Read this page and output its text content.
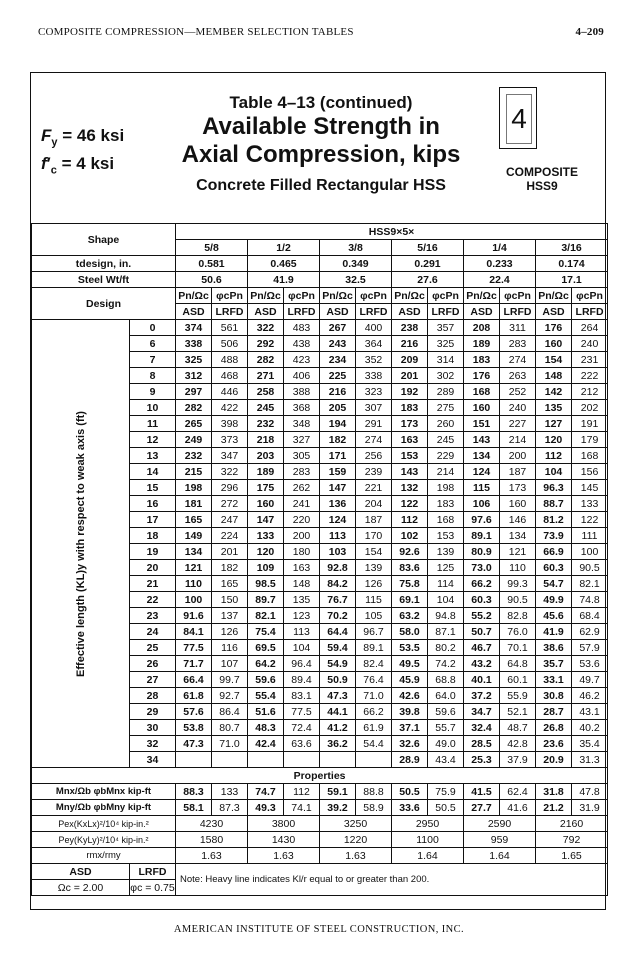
COMPOSITE COMPRESSION—MEMBER SELECTION TABLES	4–209
$F_y = 46$ ksi
$f'_c = 4$ ksi
Table 4–13 (continued)
Available Strength in
Axial Compression, kips
Concrete Filled Rectangular HSS
4
COMPOSITE
HSS9
Shape		HSS9×5×											
		5/8		1/2		3/8		5/16		1/4		3/16	
tdesign, in.		0.581		0.465		0.349		0.291		0.233		0.174	
Steel Wt/ft		50.6		41.9		32.5		27.6		22.4		17.1	
Design		Pn/Ωc	φcPn	Pn/Ωc	φcPn	Pn/Ωc	φcPn	Pn/Ωc	φcPn	Pn/Ωc	φcPn	Pn/Ωc	φcPn
		ASD	LRFD	ASD	LRFD	ASD	LRFD	ASD	LRFD	ASD	LRFD	ASD	LRFD

Effective length (KL)y with respect to weak axis (ft)	0	374	561	322	483	267	400	238	357	208	311	176	264
	6	338	506	292	438	243	364	216	325	189	283	160	240
	7	325	488	282	423	234	352	209	314	183	274	154	231
	8	312	468	271	406	225	338	201	302	176	263	148	222
	9	297	446	258	388	216	323	192	289	168	252	142	212
	10	282	422	245	368	205	307	183	275	160	240	135	202
	11	265	398	232	348	194	291	173	260	151	227	127	191
	12	249	373	218	327	182	274	163	245	143	214	120	179
	13	232	347	203	305	171	256	153	229	134	200	112	168
	14	215	322	189	283	159	239	143	214	124	187	104	156
	15	198	296	175	262	147	221	132	198	115	173	96.3	145
	16	181	272	160	241	136	204	122	183	106	160	88.7	133
	17	165	247	147	220	124	187	112	168	97.6	146	81.2	122
	18	149	224	133	200	113	170	102	153	89.1	134	73.9	111
	19	134	201	120	180	103	154	92.6	139	80.9	121	66.9	100
	20	121	182	109	163	92.8	139	83.6	125	73.0	110	60.3	90.5
	21	110	165	98.5	148	84.2	126	75.8	114	66.2	99.3	54.7	82.1
	22	100	150	89.7	135	76.7	115	69.1	104	60.3	90.5	49.9	74.8
	23	91.6	137	82.1	123	70.2	105	63.2	94.8	55.2	82.8	45.6	68.4
	24	84.1	126	75.4	113	64.4	96.7	58.0	87.1	50.7	76.0	41.9	62.9
	25	77.5	116	69.5	104	59.4	89.1	53.5	80.2	46.7	70.1	38.6	57.9
	26	71.7	107	64.2	96.4	54.9	82.4	49.5	74.2	43.2	64.8	35.7	53.6
	27	66.4	99.7	59.6	89.4	50.9	76.4	45.9	68.8	40.1	60.1	33.1	49.7
	28	61.8	92.7	55.4	83.1	47.3	71.0	42.6	64.0	37.2	55.9	30.8	46.2
	29	57.6	86.4	51.6	77.5	44.1	66.2	39.8	59.6	34.7	52.1	28.7	43.1
	30	53.8	80.7	48.3	72.4	41.2	61.9	37.1	55.7	32.4	48.7	26.8	40.2
	32	47.3	71.0	42.4	63.6	36.2	54.4	32.6	49.0	28.5	42.8	23.6	35.4
	34							28.9	43.4	25.3	37.9	20.9	31.3
Properties													
Mnx/Ωb φbMnx kip-ft		88.3	133	74.7	112	59.1	88.8	50.5	75.9	41.5	62.4	31.8	47.8
Mny/Ωb φbMny kip-ft		58.1	87.3	49.3	74.1	39.2	58.9	33.6	50.5	27.7	41.6	21.2	31.9
Pex(KxLx)²/10⁴ kip-in.²		4230		3800		3250		2950		2590		2160	
Pey(KyLy)²/10⁴ kip-in.²		1580		1430		1220		1100		959		792	
rmx/rmy		1.63		1.63		1.63		1.64		1.64		1.65	
ASD	LRFD	Note: Heavy line indicates Kl/r equal to or greater than 200.											
Ωc = 2.00	φc = 0.75												
AMERICAN INSTITUTE OF STEEL CONSTRUCTION, INC.
